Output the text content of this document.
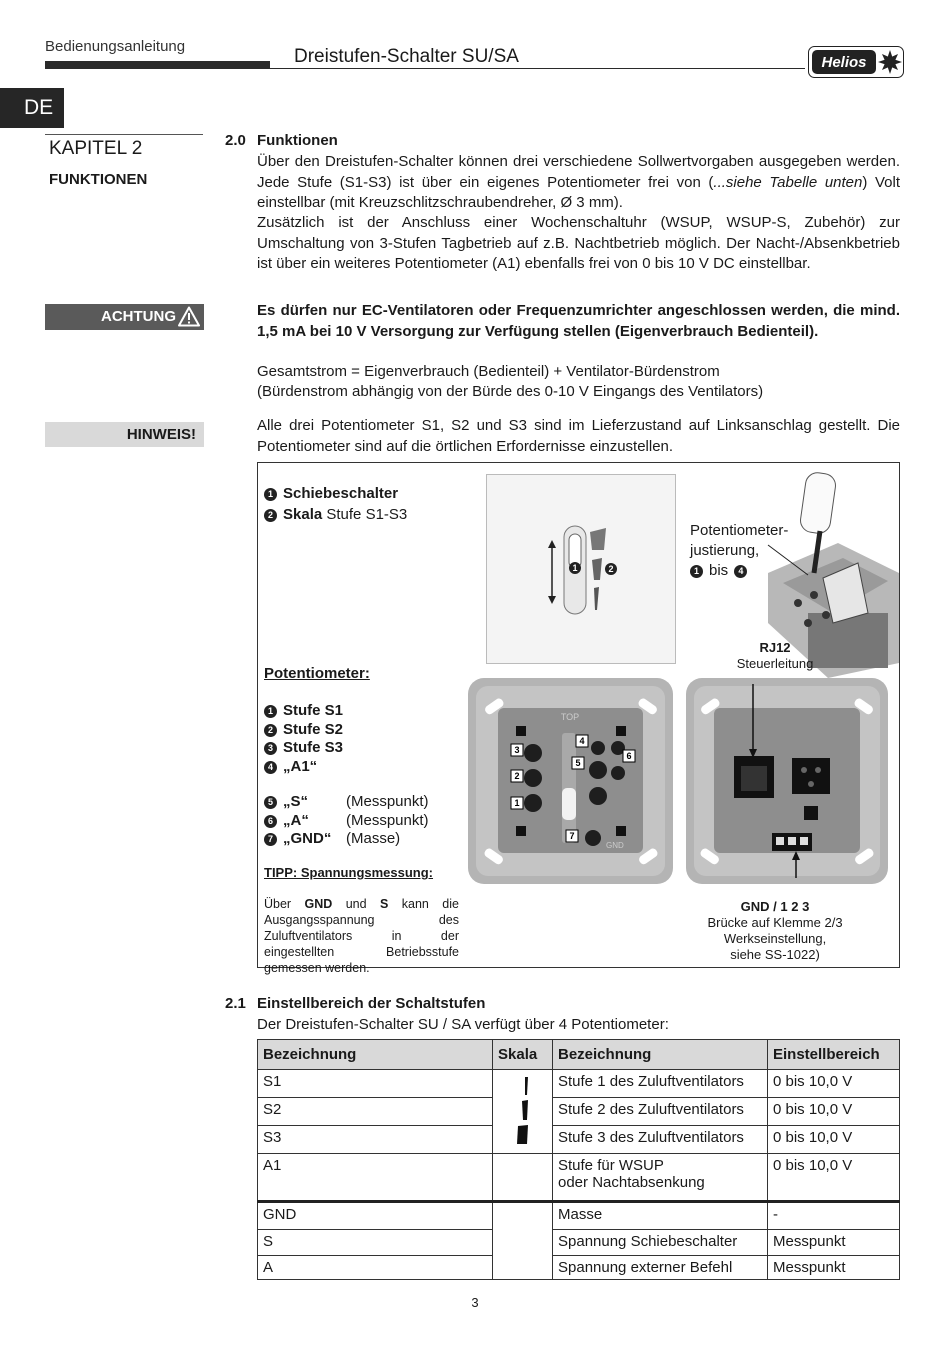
Bedienungsanleitung	Dreistufen-Schalter SU/SA	Helios
DE
KAPITEL 2
FUNKTIONEN
ACHTUNG
HINWEIS!
2.0 Funktionen
Über den Dreistufen-Schalter können drei verschiedene Sollwertvorgaben ausgegeben werden. Jede Stufe (S1-S3) ist über ein eigenes Potentiometer frei von (...siehe Tabelle unten) Volt einstellbar (mit Kreuzschlitzschraubendreher, Ø 3 mm).
Zusätzlich ist der Anschluss einer Wochenschaltuhr (WSUP, WSUP-S, Zubehör) zur Umschaltung von 3-Stufen Tagbetrieb auf z.B. Nachtbetrieb möglich. Der Nacht-/Absenkbetrieb ist über ein weiteres Potentiometer (A1) ebenfalls frei von 0 bis 10 V DC einstellbar.
Es dürfen nur EC-Ventilatoren oder Frequenzumrichter angeschlossen werden, die mind. 1,5 mA bei 10 V Versorgung zur Verfügung stellen (Eigenverbrauch Bedienteil).
Gesamtstrom = Eigenverbrauch (Bedienteil) + Ventilator-Bürdenstrom
(Bürdenstrom abhängig von der Bürde des 0-10 V Eingangs des Ventilators)
Alle drei Potentiometer S1, S2 und S3 sind im Lieferzustand auf Linksanschlag gestellt. Die Potentiometer sind auf die örtlichen Erfordernisse einzustellen.
1 Schiebeschalter
2 Skala Stufe S1-S3
1	2
Potentiometer-
justierung,
1 bis 4
RJ12
Steuerleitung
Potentiometer:
1 Stufe S1
2 Stufe S2
3 Stufe S3
4 „A1“
5 „S“	(Messpunkt)
6 „A“ (Messpunkt)
7 „GND“ (Masse)
TIPP: Spannungsmessung:
Über GND und S kann die Ausgangsspannung des Zuluftventilators in der eingestellten Betriebsstufe gemessen werden.
TOP
3
2
1
4
5
6
7
GND
GND / 1 2 3
Brücke auf Klemme 2/3
Werkseinstellung,
siehe SS-1022)
2.1 Einstellbereich der Schaltstufen
Der Dreistufen-Schalter SU / SA verfügt über 4 Potentiometer:
Bezeichnung	Skala	Bezeichnung	Einstellbereich
S1		Stufe 1 des Zuluftventilators	0 bis 10,0 V
S2		Stufe 2 des Zuluftventilators	0 bis 10,0 V
S3		Stufe 3 des Zuluftventilators	0 bis 10,0 V
A1		Stufe für WSUP
oder Nachtabsenkung	0 bis 10,0 V
GND		Masse	-
S		Spannung Schiebeschalter	Messpunkt
A		Spannung externer Befehl	Messpunkt
3
